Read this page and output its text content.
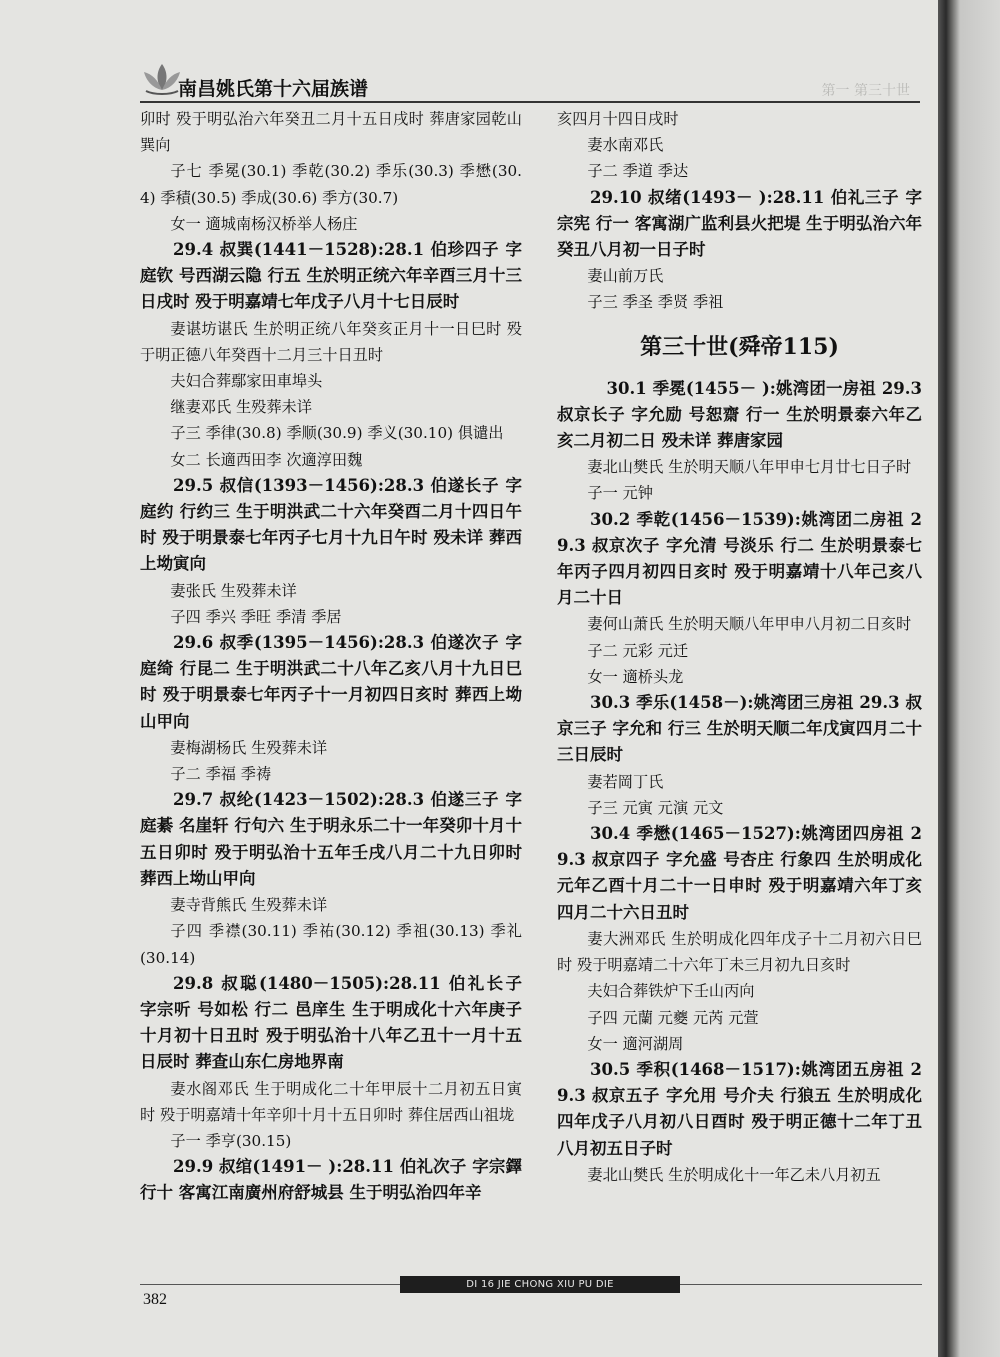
南昌姚氏第十六届族谱	第一 第三十世

卯时 殁于明弘治六年癸丑二月十五日戌时 葬唐家园乾山巽向

子七 季冕(30.1) 季乾(30.2) 季乐(30.3) 季懋(30.4) 季積(30.5) 季成(30.6) 季方(30.7)

女一 適城南杨汉桥举人杨庄

29.4 叔巽(1441－1528):28.1 伯珍四子 字庭钦 号西湖云隐 行五 生於明正统六年辛酉三月十三日戌时 殁于明嘉靖七年戊子八月十七日辰时

妻谌坊谌氏 生於明正统八年癸亥正月十一日巳时 殁于明正德八年癸酉十二月三十日丑时

夫妇合葬鄢家田車埠头

继妻邓氏 生殁葬未详

子三 季律(30.8) 季顺(30.9) 季义(30.10) 俱谴出

女二 长適西田李 次適淳田魏

29.5 叔信(1393－1456):28.3 伯遂长子 字庭约 行约三 生于明洪武二十六年癸酉二月十四日午时 殁于明景泰七年丙子七月十九日午时 殁未详 葬西上坳寅向

妻张氏 生殁葬未详

子四 季兴 季旺 季清 季居

29.6 叔季(1395－1456):28.3 伯遂次子 字庭绮 行昆二 生于明洪武二十八年乙亥八月十九日巳时 殁于明景泰七年丙子十一月初四日亥时 葬西上坳山甲向

妻梅湖杨氏 生殁葬未详

子二 季福 季祷

29.7 叔纶(1423－1502):28.3 伯遂三子 字庭綦 名崖轩 行句六 生于明永乐二十一年癸卯十月十五日卯时 殁于明弘治十五年壬戌八月二十九日卯时 葬西上坳山甲向

妻寺背熊氏 生殁葬未详

子四 季襟(30.11) 季祐(30.12) 季祖(30.13) 季礼(30.14)

29.8 叔聪(1480－1505):28.11 伯礼长子 字宗听 号如松 行二 邑庠生 生于明成化十六年庚子十月初十日丑时 殁于明弘治十八年乙丑十一月十五日辰时 葬查山东仁房地界南

妻水阁邓氏 生于明成化二十年甲辰十二月初五日寅时 殁于明嘉靖十年辛卯十月十五日卯时 葬住居西山祖垅

子一 季亨(30.15)

29.9 叔绾(1491－ ):28.11 伯礼次子 字宗鐸 行十 客寓江南廣州府舒城县 生于明弘治四年辛

亥四月十四日戌时

妻水南邓氏

子二 季道 季达

29.10 叔绪(1493－ ):28.11 伯礼三子 字宗宪 行一 客寓湖广监利县火把堤 生于明弘治六年癸丑八月初一日子时

妻山前万氏

子三 季圣 季贤 季祖

第三十世(舜帝115)

30.1 季冕(1455－ ):姚湾团一房祖 29.3 叔京长子 字允励 号恕齋 行一 生於明景泰六年乙亥二月初二日 殁未详 葬唐家园

妻北山樊氏 生於明天顺八年甲申七月廿七日子时

子一 元钟

30.2 季乾(1456－1539):姚湾团二房祖 29.3 叔京次子 字允清 号淡乐 行二 生於明景泰七年丙子四月初四日亥时 殁于明嘉靖十八年己亥八月二十日

妻何山萧氏 生於明天顺八年甲申八月初二日亥时

子二 元彩 元迁

女一 適桥头龙

30.3 季乐(1458－):姚湾团三房祖 29.3 叔京三子 字允和 行三 生於明天顺二年戊寅四月二十三日辰时

妻若岡丁氏

子三 元寅 元演 元文

30.4 季懋(1465－1527):姚湾团四房祖 29.3 叔京四子 字允盛 号杏庄 行象四 生於明成化元年乙酉十月二十一日申时 殁于明嘉靖六年丁亥四月二十六日丑时

妻大洲邓氏 生於明成化四年戊子十二月初六日巳时 殁于明嘉靖二十六年丁未三月初九日亥时

夫妇合葬铁炉下壬山丙向

子四 元蘭 元夔 元芮 元萱

女一 適河湖周

30.5 季积(1468－1517):姚湾团五房祖 29.3 叔京五子 字允用 号介夫 行狼五 生於明成化四年戊子八月初八日酉时 殁于明正德十二年丁丑八月初五日子时

妻北山樊氏 生於明成化十一年乙未八月初五

DI 16 JIE CHONG XIU PU DIE
382
